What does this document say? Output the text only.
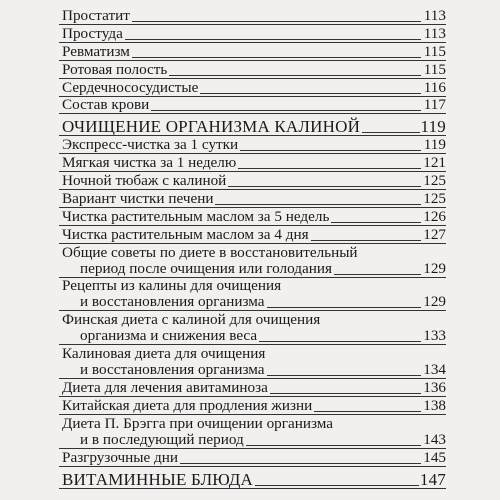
Простатит	113
Простуда	113
Ревматизм	115
Ротовая полость	115
Сердечнососудистые	116
Состав крови	117
ОЧИЩЕНИЕ ОРГАНИЗМА КАЛИНОЙ	119
Экспресс-чистка за 1 сутки	119
Мягкая чистка за 1 неделю	121
Ночной тюбаж с калиной	125
Вариант чистки печени	125
Чистка растительным маслом за 5 недель	126
Чистка растительным маслом за 4 дня	127
Общие советы по диете в восстановительный
период после очищения или голодания	129
Рецепты из калины для очищения
и восстановления организма	129
Финская диета с калиной для очищения
организма и снижения веса	133
Калиновая диета для очищения
и восстановления организма	134
Диета для лечения авитаминоза	136
Китайская диета для продления жизни	138
Диета П. Брэгга при очищении организма
и в последующий период	143
Разгрузочные дни	145
ВИТАМИННЫЕ БЛЮДА	147
